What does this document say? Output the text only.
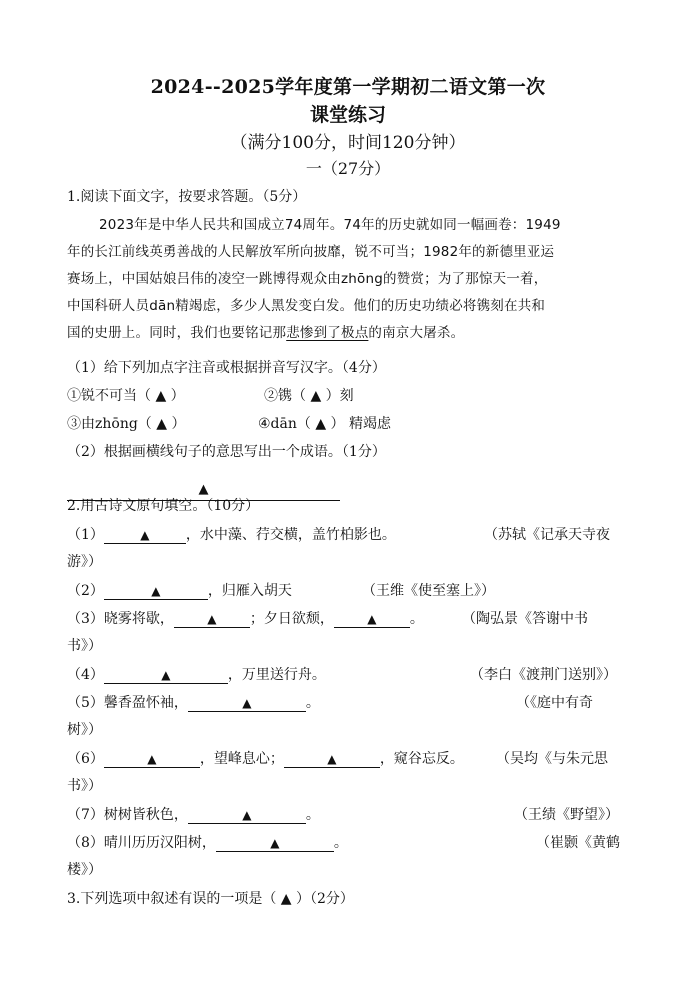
2024--2025学年度第一学期初二语文第一次
课堂练习
（满分100分，时间120分钟）
一（27分）
1.阅读下面文字，按要求答题。（5分）

2023年是中华人民共和国成立74周年。74年的历史就如同一幅画卷：1949

年的长江前线英勇善战的人民解放军所向披靡，锐不可当；1982年的新德里亚运

赛场上，中国姑娘吕伟的凌空一跳博得观众由zhōng的赞赏；为了那惊天一着，

中国科研人员dān精竭虑，多少人黑发变白发。他们的历史功绩必将镌刻在共和

国的史册上。同时，我们也要铭记那悲惨到了极点的南京大屠杀。

（1）给下列加点字注音或根据拼音写汉字。（4分）
①锐不可当（ ▲ ）	②镌（ ▲ ）刻
③由zhōng（ ▲ ）	④dān（ ▲ ） 精竭虑
（2）根据画横线句子的意思写出一个成语。（1分）
▲
2.用古诗文原句填空。（10分）
（1）	▲	，水中藻、荇交横，盖竹柏影也。	（苏轼《记承天寺夜
游》）
（2）	▲	，归雁入胡天	（王维《使至塞上》）
（3）晓雾将歇，	▲ ；夕日欲颓，	▲ 。	（陶弘景《答谢中书
书》）
（4）	▲	，万里送行舟。	（李白《渡荆门送别》）
（5）馨香盈怀袖，	▲	。	（《庭中有奇
树》）
（6）	▲	，望峰息心；	▲	，窥谷忘反。 （吴均《与朱元思
书》）
（7）树树皆秋色，	▲	。	（王绩《野望》）
（8）晴川历历汉阳树，	▲	。	（崔颢《黄鹤
楼》）
3.下列选项中叙述有误的一项是（ ▲ ）（2分）
